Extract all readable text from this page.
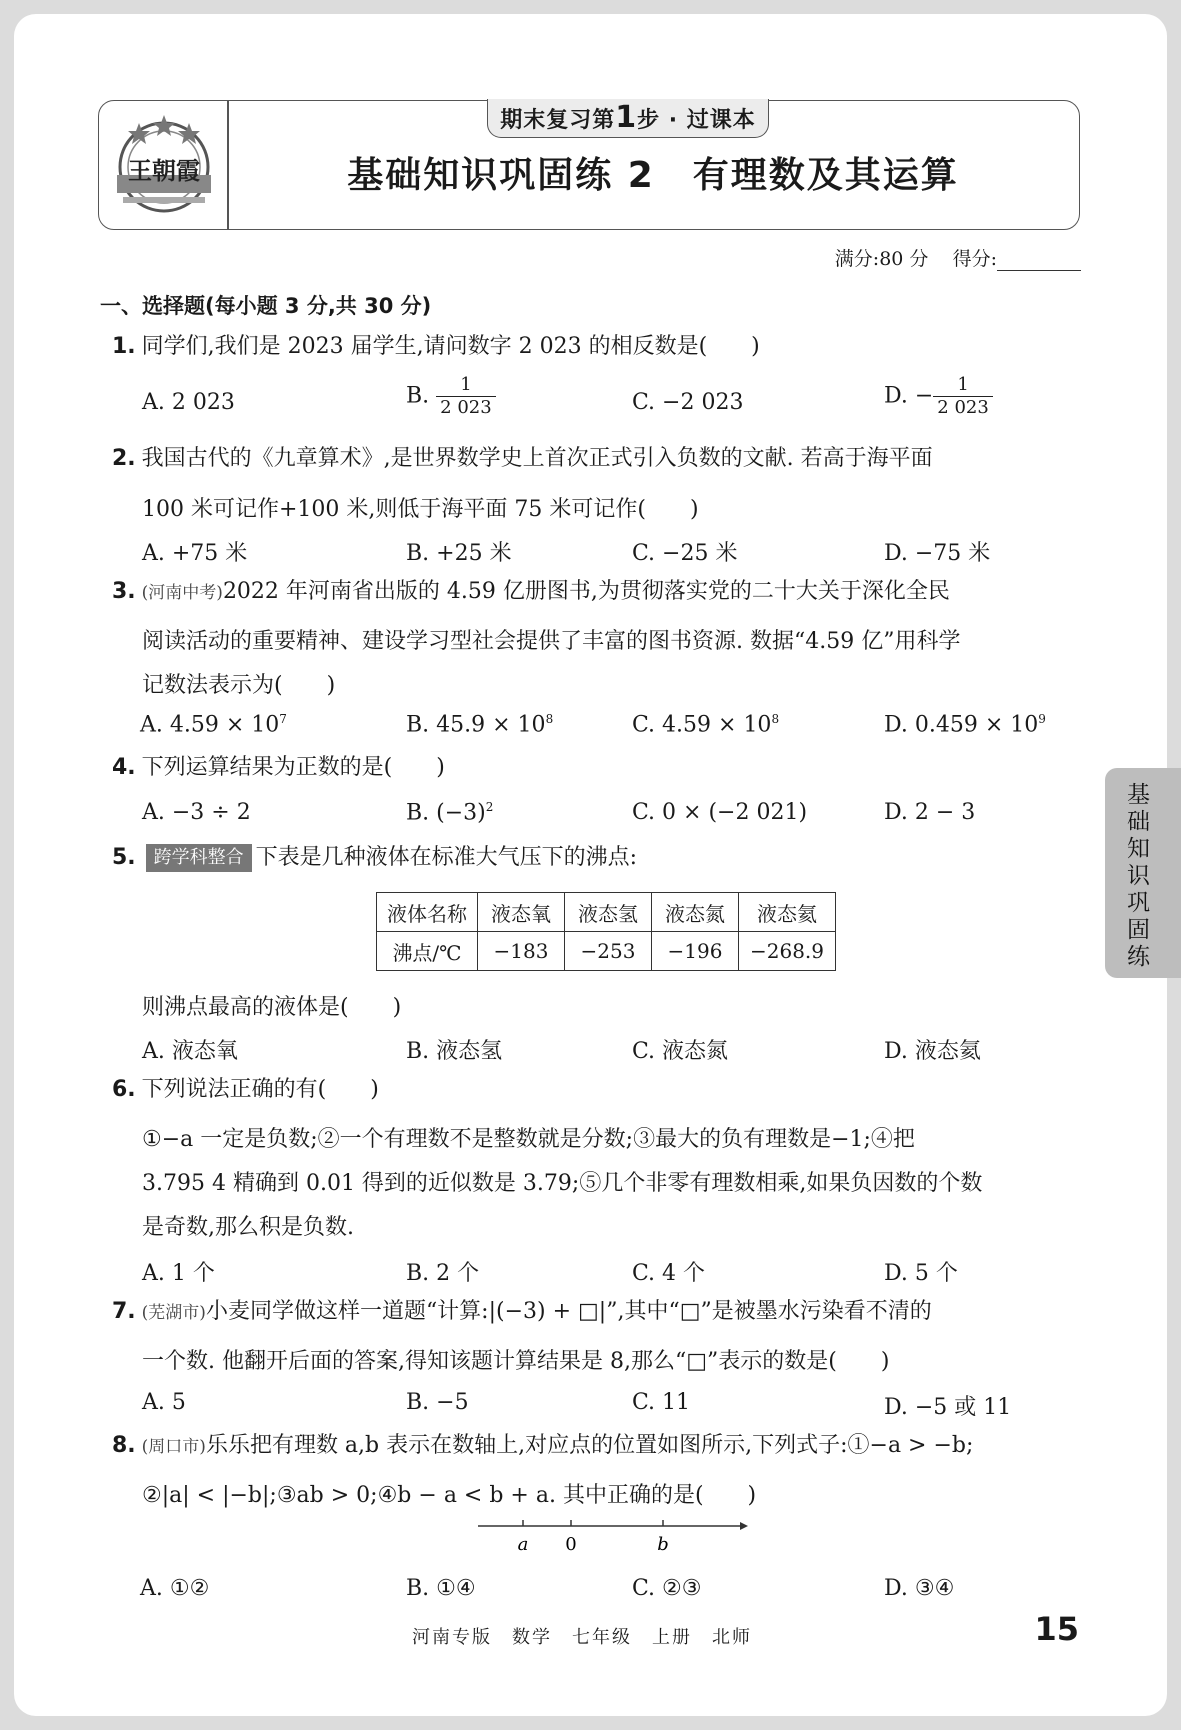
王朝霞
期末复习第1步 · 过课本
基础知识巩固练 2　有理数及其运算
满分:80 分 得分:
一、选择题(每小题 3 分,共 30 分)
1. 同学们,我们是 2023 届学生,请问数字 2 023 的相反数是(　　)
A. 2 023	B. $\frac{1}{2 023}$	C. −2 023	D. − $\frac{1}{2 023}$
2. 我国古代的《九章算术》,是世界数学史上首次正式引入负数的文献. 若高于海平面
100 米可记作+100 米,则低于海平面 75 米可记作(　　)
A. +75 米	B. +25 米	C. −25 米	D. −75 米
3. (河南中考)2022 年河南省出版的 4.59 亿册图书,为贯彻落实党的二十大关于深化全民
阅读活动的重要精神、建设学习型社会提供了丰富的图书资源. 数据“4.59 亿”用科学
记数法表示为(　　)
A. $4.59 \times 10^7$	B. $45.9 \times 10^8$	C. $4.59 \times 10^8$	D. $0.459 \times 10^9$
4. 下列运算结果为正数的是(　　)
A. −3 ÷ 2	B. $(-3)^2$	C. 0 × (−2 021)	D. 2 − 3
5. 跨学科整合 下表是几种液体在标准大气压下的沸点:
液体名称	液态氧	液态氢	液态氮	液态氦
沸点/℃	−183	−253	−196	−268.9
则沸点最高的液体是(　　)
A. 液态氧	B. 液态氢	C. 液态氮	D. 液态氦
6. 下列说法正确的有(　　)
①−a 一定是负数;②一个有理数不是整数就是分数;③最大的负有理数是−1;④把
3.795 4 精确到 0.01 得到的近似数是 3.79;⑤几个非零有理数相乘,如果负因数的个数
是奇数,那么积是负数.
A. 1 个	B. 2 个	C. 4 个	D. 5 个
7. (芜湖市)小麦同学做这样一道题“计算:|(−3) + □|”,其中“□”是被墨水污染看不清的
一个数. 他翻开后面的答案,得知该题计算结果是 8,那么“□”表示的数是(　　)
A. 5	B. −5	C. 11	D. −5 或 11
8. (周口市)乐乐把有理数 a,b 表示在数轴上,对应点的位置如图所示,下列式子:①−a > −b;
②|a| < |−b|;③ab > 0;④b − a < b + a. 其中正确的是(　　)
a 0	b
A. ①②	B. ①④	C. ②③	D. ③④
基础知识巩固练
河南专版　数学　七年级　上册　北师	15
